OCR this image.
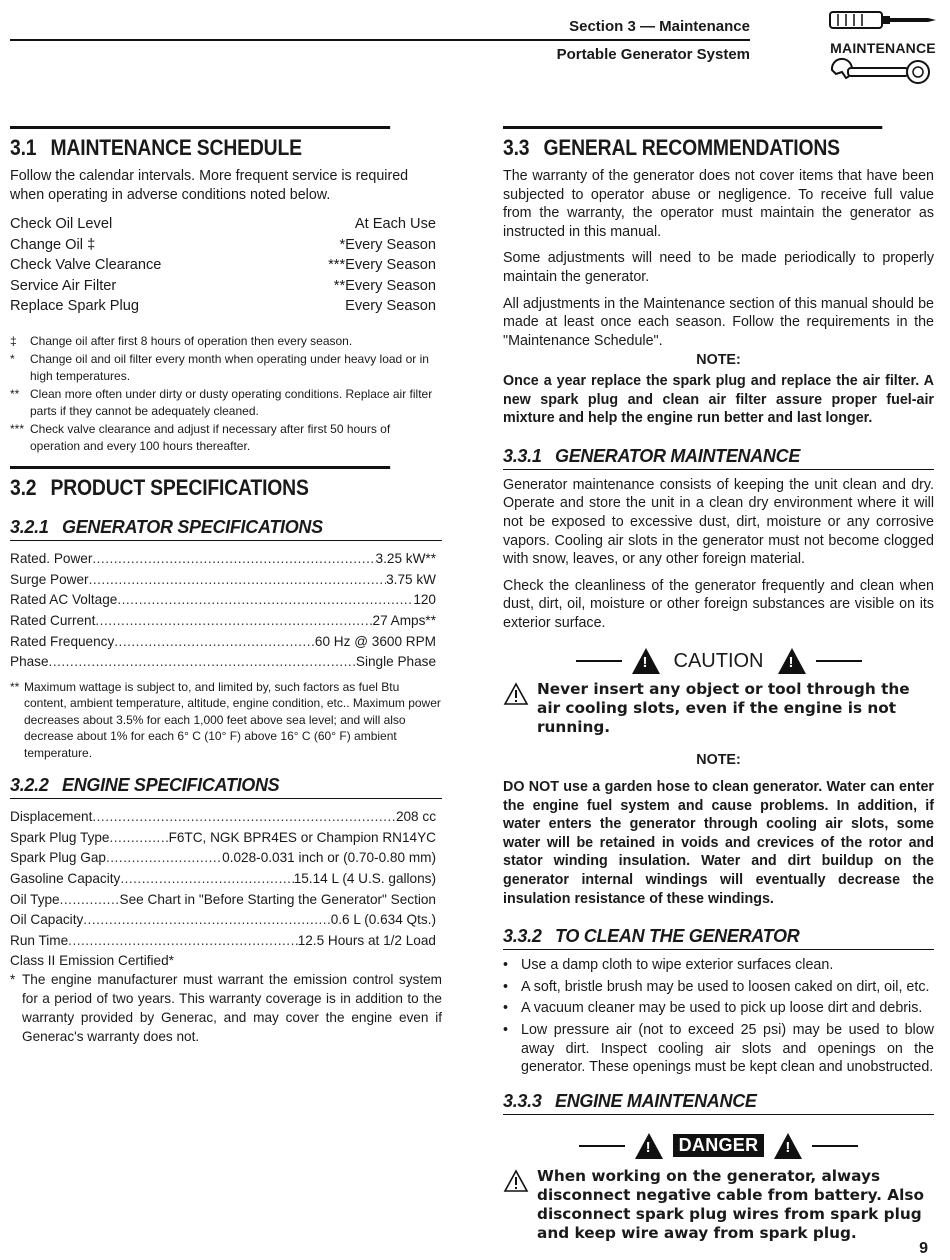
Section 3 — Maintenance
Portable Generator System	MAINTENANCE
3.1 MAINTENANCE SCHEDULE
Follow the calendar intervals. More frequent service is required when operating in adverse conditions noted below.
Check Oil Level	At Each Use
Change Oil ‡	*Every Season
Check Valve Clearance	***Every Season
Service Air Filter	**Every Season
Replace Spark Plug	Every Season
‡	Change oil after first 8 hours of operation then every season.
*	Change oil and oil filter every month when operating under heavy load or in high temperatures.
** Clean more often under dirty or dusty operating conditions. Replace air filter parts if they cannot be adequately cleaned.
*** Check valve clearance and adjust if necessary after first 50 hours of operation and every 100 hours thereafter.
3.2 PRODUCT SPECIFICATIONS
3.2.1 GENERATOR SPECIFICATIONS
Rated. Power .....	3.25 kW**
Surge Power .....	3.75 kW
Rated AC Voltage .....	120
Rated Current .....	27 Amps**
Rated Frequency .....	60 Hz @ 3600 RPM
Phase .....	Single Phase
** Maximum wattage is subject to, and limited by, such factors as fuel Btu content, ambient temperature, altitude, engine condition, etc.. Maximum power decreases about 3.5% for each 1,000 feet above sea level; and will also decrease about 1% for each 6° C (10° F) above 16° C (60° F) ambient temperature.
3.2.2 ENGINE SPECIFICATIONS
Displacement .....	208 cc
Spark Plug Type .....	F6TC, NGK BPR4ES or Champion RN14YC
Spark Plug Gap .....	0.028-0.031 inch or (0.70-0.80 mm)
Gasoline Capacity .....	15.14 L (4 U.S. gallons)
Oil Type .....	See Chart in "Before Starting the Generator" Section
Oil Capacity .....	0.6 L (0.634 Qts.)
Run Time .....	12.5 Hours at 1/2 Load
Class II Emission Certified*
* The engine manufacturer must warrant the emission control system for a period of two years. This warranty coverage is in addition to the warranty provided by Generac, and may cover the engine even if Generac's warranty does not.
3.3 GENERAL RECOMMENDATIONS
The warranty of the generator does not cover items that have been subjected to operator abuse or negligence. To receive full value from the warranty, the operator must maintain the generator as instructed in this manual.
Some adjustments will need to be made periodically to properly maintain the generator.
All adjustments in the Maintenance section of this manual should be made at least once each season. Follow the requirements in the "Maintenance Schedule".
NOTE:
Once a year replace the spark plug and replace the air filter. A new spark plug and clean air filter assure proper fuel-air mixture and help the engine run better and last longer.
3.3.1 GENERATOR MAINTENANCE
Generator maintenance consists of keeping the unit clean and dry. Operate and store the unit in a clean dry environment where it will not be exposed to excessive dust, dirt, moisture or any corrosive vapors. Cooling air slots in the generator must not become clogged with snow, leaves, or any other foreign material.
Check the cleanliness of the generator frequently and clean when dust, dirt, oil, moisture or other foreign substances are visible on its exterior surface.
! CAUTION !
Never insert any object or tool through the air cooling slots, even if the engine is not running.
NOTE:
DO NOT use a garden hose to clean generator. Water can enter the engine fuel system and cause problems. In addition, if water enters the generator through cooling air slots, some water will be retained in voids and crevices of the rotor and stator winding insulation. Water and dirt buildup on the generator internal windings will eventually decrease the insulation resistance of these windings.
3.3.2 TO CLEAN THE GENERATOR
• Use a damp cloth to wipe exterior surfaces clean.
• A soft, bristle brush may be used to loosen caked on dirt, oil, etc.
• A vacuum cleaner may be used to pick up loose dirt and debris.
• Low pressure air (not to exceed 25 psi) may be used to blow away dirt. Inspect cooling air slots and openings on the generator. These openings must be kept clean and unobstructed.
3.3.3 ENGINE MAINTENANCE
!	DANGER	!
When working on the generator, always disconnect negative cable from battery. Also disconnect spark plug wires from spark plug and keep wire away from spark plug.
9
